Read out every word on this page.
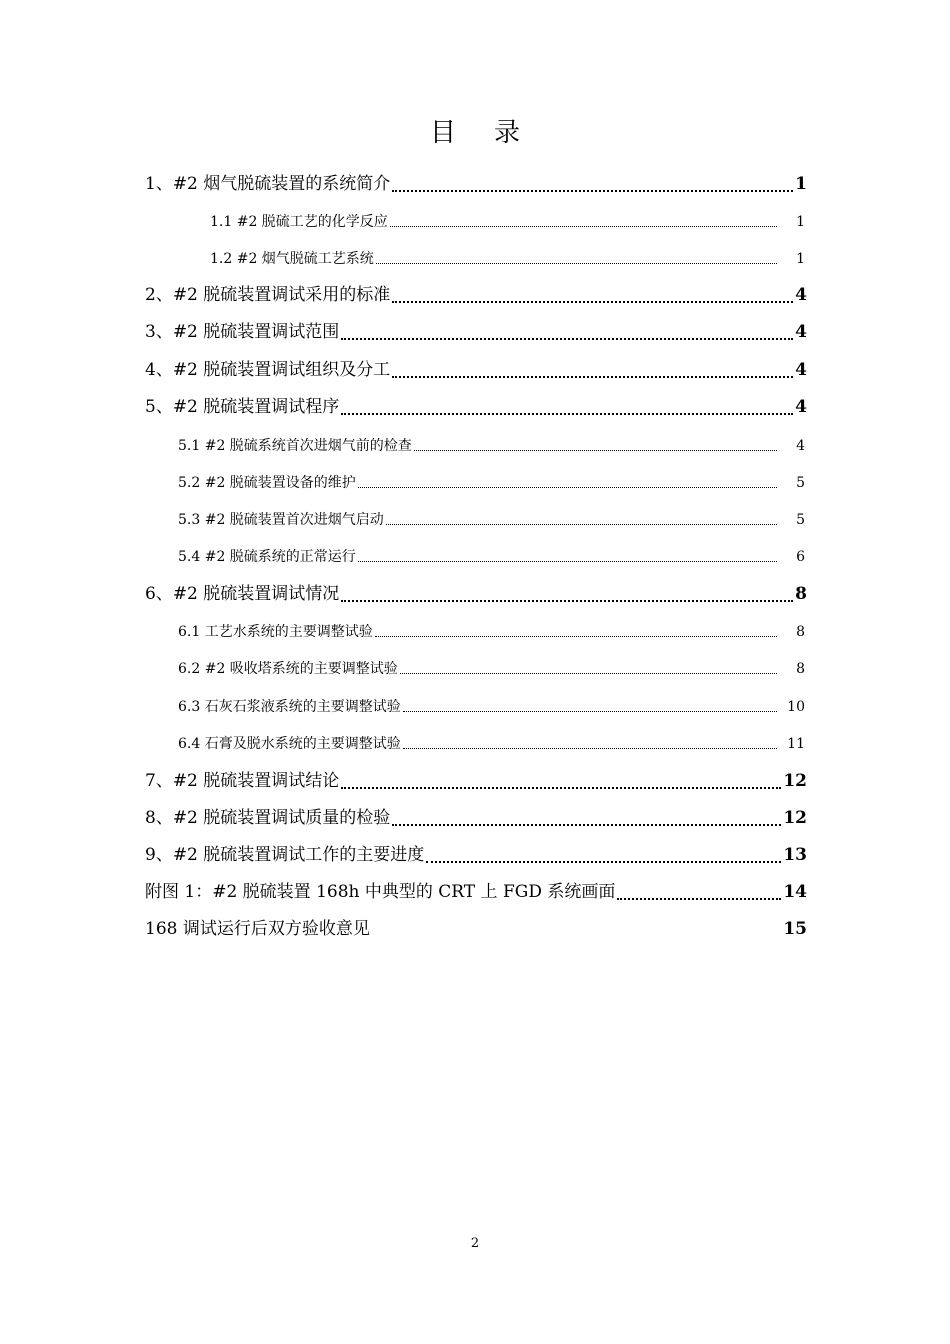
目录
1、#2 烟气脱硫装置的系统简介	1
1.1 #2 脱硫工艺的化学反应	1
1.2 #2 烟气脱硫工艺系统	1
2、#2 脱硫装置调试采用的标准	4
3、#2 脱硫装置调试范围	4
4、#2 脱硫装置调试组织及分工	4
5、#2 脱硫装置调试程序	4
5.1 #2 脱硫系统首次进烟气前的检查	4
5.2 #2 脱硫装置设备的维护	5
5.3 #2 脱硫装置首次进烟气启动	5
5.4 #2 脱硫系统的正常运行	6
6、#2 脱硫装置调试情况	8
6.1 工艺水系统的主要调整试验	8
6.2 #2 吸收塔系统的主要调整试验	8
6.3 石灰石浆液系统的主要调整试验	10
6.4 石膏及脱水系统的主要调整试验	11
7、#2 脱硫装置调试结论	12
8、#2 脱硫装置调试质量的检验	12
9、#2 脱硫装置调试工作的主要进度	13
附图 1：#2 脱硫装置 168h 中典型的 CRT 上 FGD 系统画面	14
168 调试运行后双方验收意见	15
2
